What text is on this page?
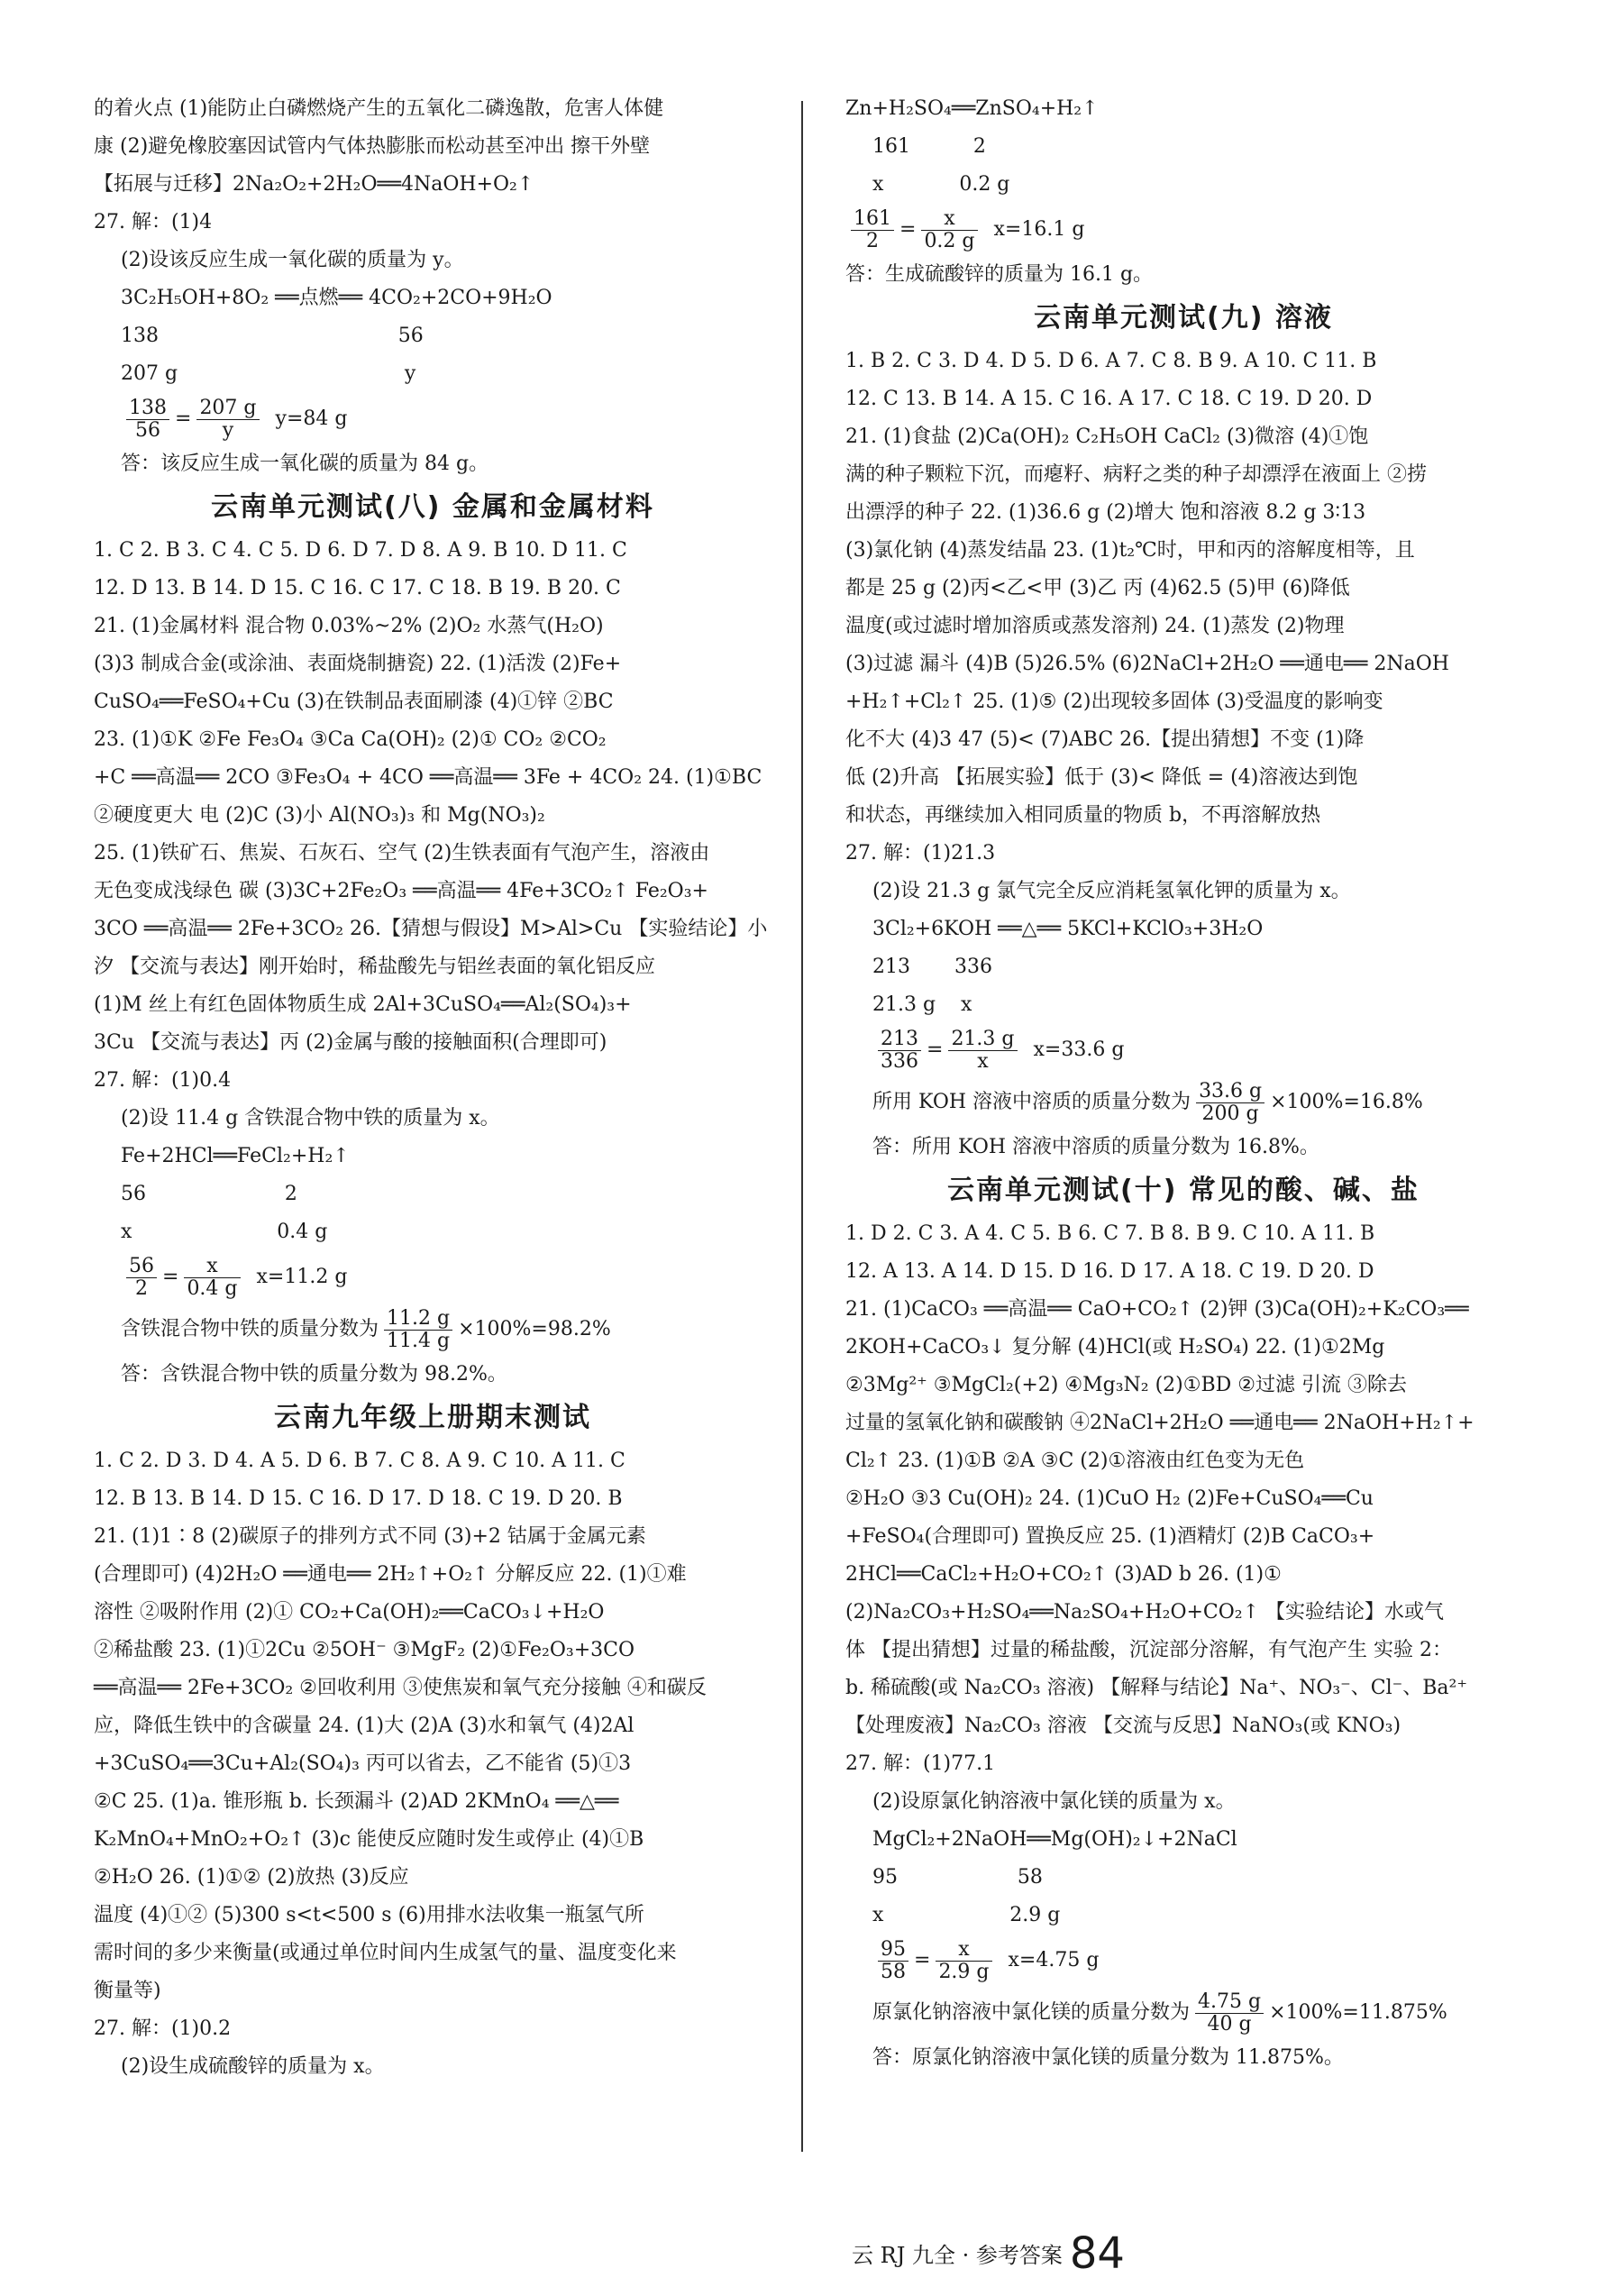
的着火点 (1)能防止白磷燃烧产生的五氧化二磷逸散，危害人体健
康 (2)避免橡胶塞因试管内气体热膨胀而松动甚至冲出 擦干外壁
【拓展与迁移】2Na₂O₂+2H₂O══4NaOH+O₂↑
27. 解：(1)4
(2)设该反应生成一氧化碳的质量为 y。
3C₂H₅OH+8O₂ ══点燃══ 4CO₂+2CO+9H₂O
138                                      56
207 g                                    y
$\frac{138}{56} = \frac{207 g}{y} y=84$ g
答：该反应生成一氧化碳的质量为 84 g。
云南单元测试(八) 金属和金属材料
1. C 2. B 3. C 4. C 5. D 6. D 7. D 8. A 9. B 10. D 11. C
12. D 13. B 14. D 15. C 16. C 17. C 18. B 19. B 20. C
21. (1)金属材料 混合物 0.03%~2% (2)O₂ 水蒸气(H₂O)
(3)3 制成合金(或涂油、表面烧制搪瓷) 22. (1)活泼 (2)Fe+
CuSO₄══FeSO₄+Cu (3)在铁制品表面刷漆 (4)①锌 ②BC
23. (1)①K ②Fe Fe₃O₄ ③Ca Ca(OH)₂ (2)① CO₂ ②CO₂
+C ══高温══ 2CO ③Fe₃O₄ + 4CO ══高温══ 3Fe + 4CO₂ 24. (1)①BC
②硬度更大 电 (2)C (3)小 Al(NO₃)₃ 和 Mg(NO₃)₂
25. (1)铁矿石、焦炭、石灰石、空气 (2)生铁表面有气泡产生，溶液由
无色变成浅绿色 碳 (3)3C+2Fe₂O₃ ══高温══ 4Fe+3CO₂↑ Fe₂O₃+
3CO ══高温══ 2Fe+3CO₂ 26.【猜想与假设】M>Al>Cu 【实验结论】小
汐 【交流与表达】刚开始时，稀盐酸先与铝丝表面的氧化铝反应
(1)M 丝上有红色固体物质生成 2Al+3CuSO₄══Al₂(SO₄)₃+
3Cu 【交流与表达】丙 (2)金属与酸的接触面积(合理即可)
27. 解：(1)0.4
(2)设 11.4 g 含铁混合物中铁的质量为 x。
Fe+2HCl══FeCl₂+H₂↑
56                      2
x                       0.4 g
$\frac{56}{2} = \frac{x}{0.4 g} x=11.2$ g
含铁混合物中铁的质量分数为 $\frac{11.2 g}{11.4 g} \times 100\%=98.2\%$
答：含铁混合物中铁的质量分数为 98.2%。
云南九年级上册期末测试
1. C 2. D 3. D 4. A 5. D 6. B 7. C 8. A 9. C 10. A 11. C
12. B 13. B 14. D 15. C 16. D 17. D 18. C 19. D 20. B
21. (1)1∶8 (2)碳原子的排列方式不同 (3)+2 钴属于金属元素
(合理即可) (4)2H₂O ══通电══ 2H₂↑+O₂↑ 分解反应 22. (1)①难
溶性 ②吸附作用 (2)① CO₂+Ca(OH)₂══CaCO₃↓+H₂O
②稀盐酸 23. (1)①2Cu ②5OH⁻ ③MgF₂ (2)①Fe₂O₃+3CO
══高温══ 2Fe+3CO₂ ②回收利用 ③使焦炭和氧气充分接触 ④和碳反
应，降低生铁中的含碳量 24. (1)大 (2)A (3)水和氧气 (4)2Al
+3CuSO₄══3Cu+Al₂(SO₄)₃ 丙可以省去，乙不能省 (5)①3
②C 25. (1)a. 锥形瓶 b. 长颈漏斗 (2)AD 2KMnO₄ ══△══
K₂MnO₄+MnO₂+O₂↑ (3)c 能使反应随时发生或停止 (4)①B
②H₂O 26. (1)①② (2)放热 (3)反应
温度 (4)①② (5)300 s<t<500 s (6)用排水法收集一瓶氢气所
需时间的多少来衡量(或通过单位时间内生成氢气的量、温度变化来
衡量等)
27. 解：(1)0.2
(2)设生成硫酸锌的质量为 x。
Zn+H₂SO₄══ZnSO₄+H₂↑
161          2
x            0.2 g
$\frac{161}{2} = \frac{x}{0.2 g} x=16.1$ g
答：生成硫酸锌的质量为 16.1 g。
云南单元测试(九) 溶液
1. B 2. C 3. D 4. D 5. D 6. A 7. C 8. B 9. A 10. C 11. B
12. C 13. B 14. A 15. C 16. A 17. C 18. C 19. D 20. D
21. (1)食盐 (2)Ca(OH)₂ C₂H₅OH CaCl₂ (3)微溶 (4)①饱
满的种子颗粒下沉，而瘪籽、病籽之类的种子却漂浮在液面上 ②捞
出漂浮的种子 22. (1)36.6 g (2)增大 饱和溶液 8.2 g 3∶13
(3)氯化钠 (4)蒸发结晶 23. (1)t₂℃时，甲和丙的溶解度相等，且
都是 25 g (2)丙<乙<甲 (3)乙 丙 (4)62.5 (5)甲 (6)降低
温度(或过滤时增加溶质或蒸发溶剂) 24. (1)蒸发 (2)物理
(3)过滤 漏斗 (4)B (5)26.5% (6)2NaCl+2H₂O ══通电══ 2NaOH
+H₂↑+Cl₂↑ 25. (1)⑤ (2)出现较多固体 (3)受温度的影响变
化不大 (4)3 47 (5)< (7)ABC 26.【提出猜想】不变 (1)降
低 (2)升高 【拓展实验】低于 (3)< 降低 = (4)溶液达到饱
和状态，再继续加入相同质量的物质 b，不再溶解放热
27. 解：(1)21.3
(2)设 21.3 g 氯气完全反应消耗氢氧化钾的质量为 x。
3Cl₂+6KOH ══△══ 5KCl+KClO₃+3H₂O
213       336
21.3 g    x
$\frac{213}{336} = \frac{21.3 g}{x} x=33.6$ g
所用 KOH 溶液中溶质的质量分数为 $\frac{33.6 g}{200 g} \times 100\%=16.8\%$
答：所用 KOH 溶液中溶质的质量分数为 16.8%。
云南单元测试(十) 常见的酸、碱、盐
1. D 2. C 3. A 4. C 5. B 6. C 7. B 8. B 9. C 10. A 11. B
12. A 13. A 14. D 15. D 16. D 17. A 18. C 19. D 20. D
21. (1)CaCO₃ ══高温══ CaO+CO₂↑ (2)钾 (3)Ca(OH)₂+K₂CO₃══
2KOH+CaCO₃↓ 复分解 (4)HCl(或 H₂SO₄) 22. (1)①2Mg
②3Mg²⁺ ③MgCl₂(+2) ④Mg₃N₂ (2)①BD ②过滤 引流 ③除去
过量的氢氧化钠和碳酸钠 ④2NaCl+2H₂O ══通电══ 2NaOH+H₂↑+
Cl₂↑ 23. (1)①B ②A ③C (2)①溶液由红色变为无色
②H₂O ③3 Cu(OH)₂ 24. (1)CuO H₂ (2)Fe+CuSO₄══Cu
+FeSO₄(合理即可) 置换反应 25. (1)酒精灯 (2)B CaCO₃+
2HCl══CaCl₂+H₂O+CO₂↑ (3)AD b 26. (1)①
(2)Na₂CO₃+H₂SO₄══Na₂SO₄+H₂O+CO₂↑ 【实验结论】水或气
体 【提出猜想】过量的稀盐酸，沉淀部分溶解，有气泡产生 实验 2：
b. 稀硫酸(或 Na₂CO₃ 溶液) 【解释与结论】Na⁺、NO₃⁻、Cl⁻、Ba²⁺
【处理废液】Na₂CO₃ 溶液 【交流与反思】NaNO₃(或 KNO₃)
27. 解：(1)77.1
(2)设原氯化钠溶液中氯化镁的质量为 x。
MgCl₂+2NaOH══Mg(OH)₂↓+2NaCl
95                   58
x                    2.9 g
$\frac{95}{58} = \frac{x}{2.9 g} x=4.75$ g
原氯化钠溶液中氯化镁的质量分数为 $\frac{4.75 g}{40 g} \times 100\%=11.875\%$
答：原氯化钠溶液中氯化镁的质量分数为 11.875%。
云 RJ 九全 · 参考答案 84
